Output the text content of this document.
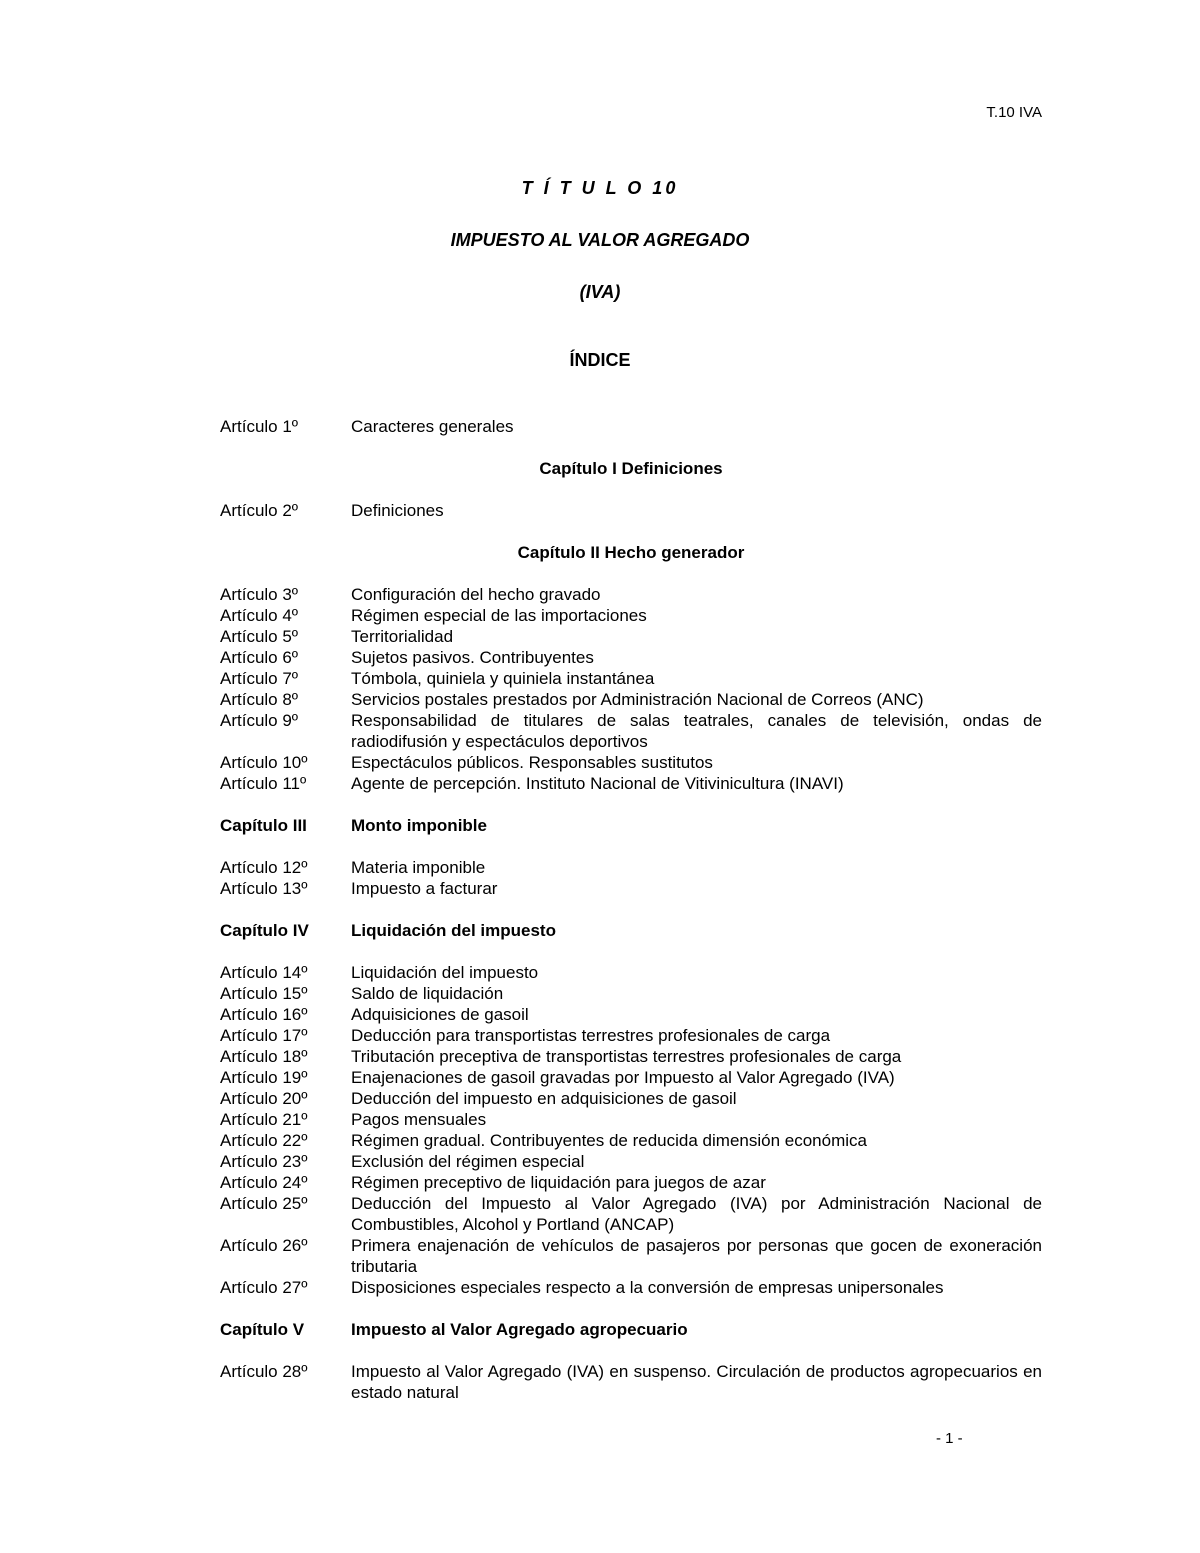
T.10 IVA
T Í T U L O 10
IMPUESTO AL VALOR AGREGADO
(IVA)
ÍNDICE
Artículo 1º	Caracteres generales
Capítulo I Definiciones
Artículo 2º	Definiciones
Capítulo II Hecho generador
Artículo 3º	Configuración del hecho gravado
Artículo 4º	Régimen especial de las importaciones
Artículo 5º	Territorialidad
Artículo 6º	Sujetos pasivos. Contribuyentes
Artículo 7º	Tómbola, quiniela y quiniela instantánea
Artículo 8º	Servicios postales prestados por Administración Nacional de Correos (ANC)
Artículo 9º	Responsabilidad de titulares de salas teatrales, canales de televisión, ondas de radiodifusión y espectáculos deportivos
Artículo 10º	Espectáculos públicos. Responsables sustitutos
Artículo 11º	Agente de percepción. Instituto Nacional de Vitivinicultura (INAVI)
Capítulo III	Monto imponible
Artículo 12º	Materia imponible
Artículo 13º	Impuesto a facturar
Capítulo IV	Liquidación del impuesto
Artículo 14º	Liquidación del impuesto
Artículo 15º	Saldo de liquidación
Artículo 16º	Adquisiciones de gasoil
Artículo 17º	Deducción para transportistas terrestres profesionales de carga
Artículo 18º	Tributación preceptiva de transportistas terrestres profesionales de carga
Artículo 19º	Enajenaciones de gasoil gravadas por Impuesto al Valor Agregado (IVA)
Artículo 20º	Deducción del impuesto en adquisiciones de gasoil
Artículo 21º	Pagos mensuales
Artículo 22º	Régimen gradual. Contribuyentes de reducida dimensión económica
Artículo 23º	Exclusión del régimen especial
Artículo 24º	Régimen preceptivo de liquidación para juegos de azar
Artículo 25º	Deducción del Impuesto al Valor Agregado (IVA) por Administración Nacional de Combustibles, Alcohol y Portland (ANCAP)
Artículo 26º	Primera enajenación de vehículos de pasajeros por personas que gocen de exoneración tributaria
Artículo 27º	Disposiciones especiales respecto a la conversión de empresas unipersonales
Capítulo V	Impuesto al Valor Agregado agropecuario
Artículo 28º	Impuesto al Valor Agregado (IVA) en suspenso. Circulación de productos agropecuarios en estado natural
- 1 -
